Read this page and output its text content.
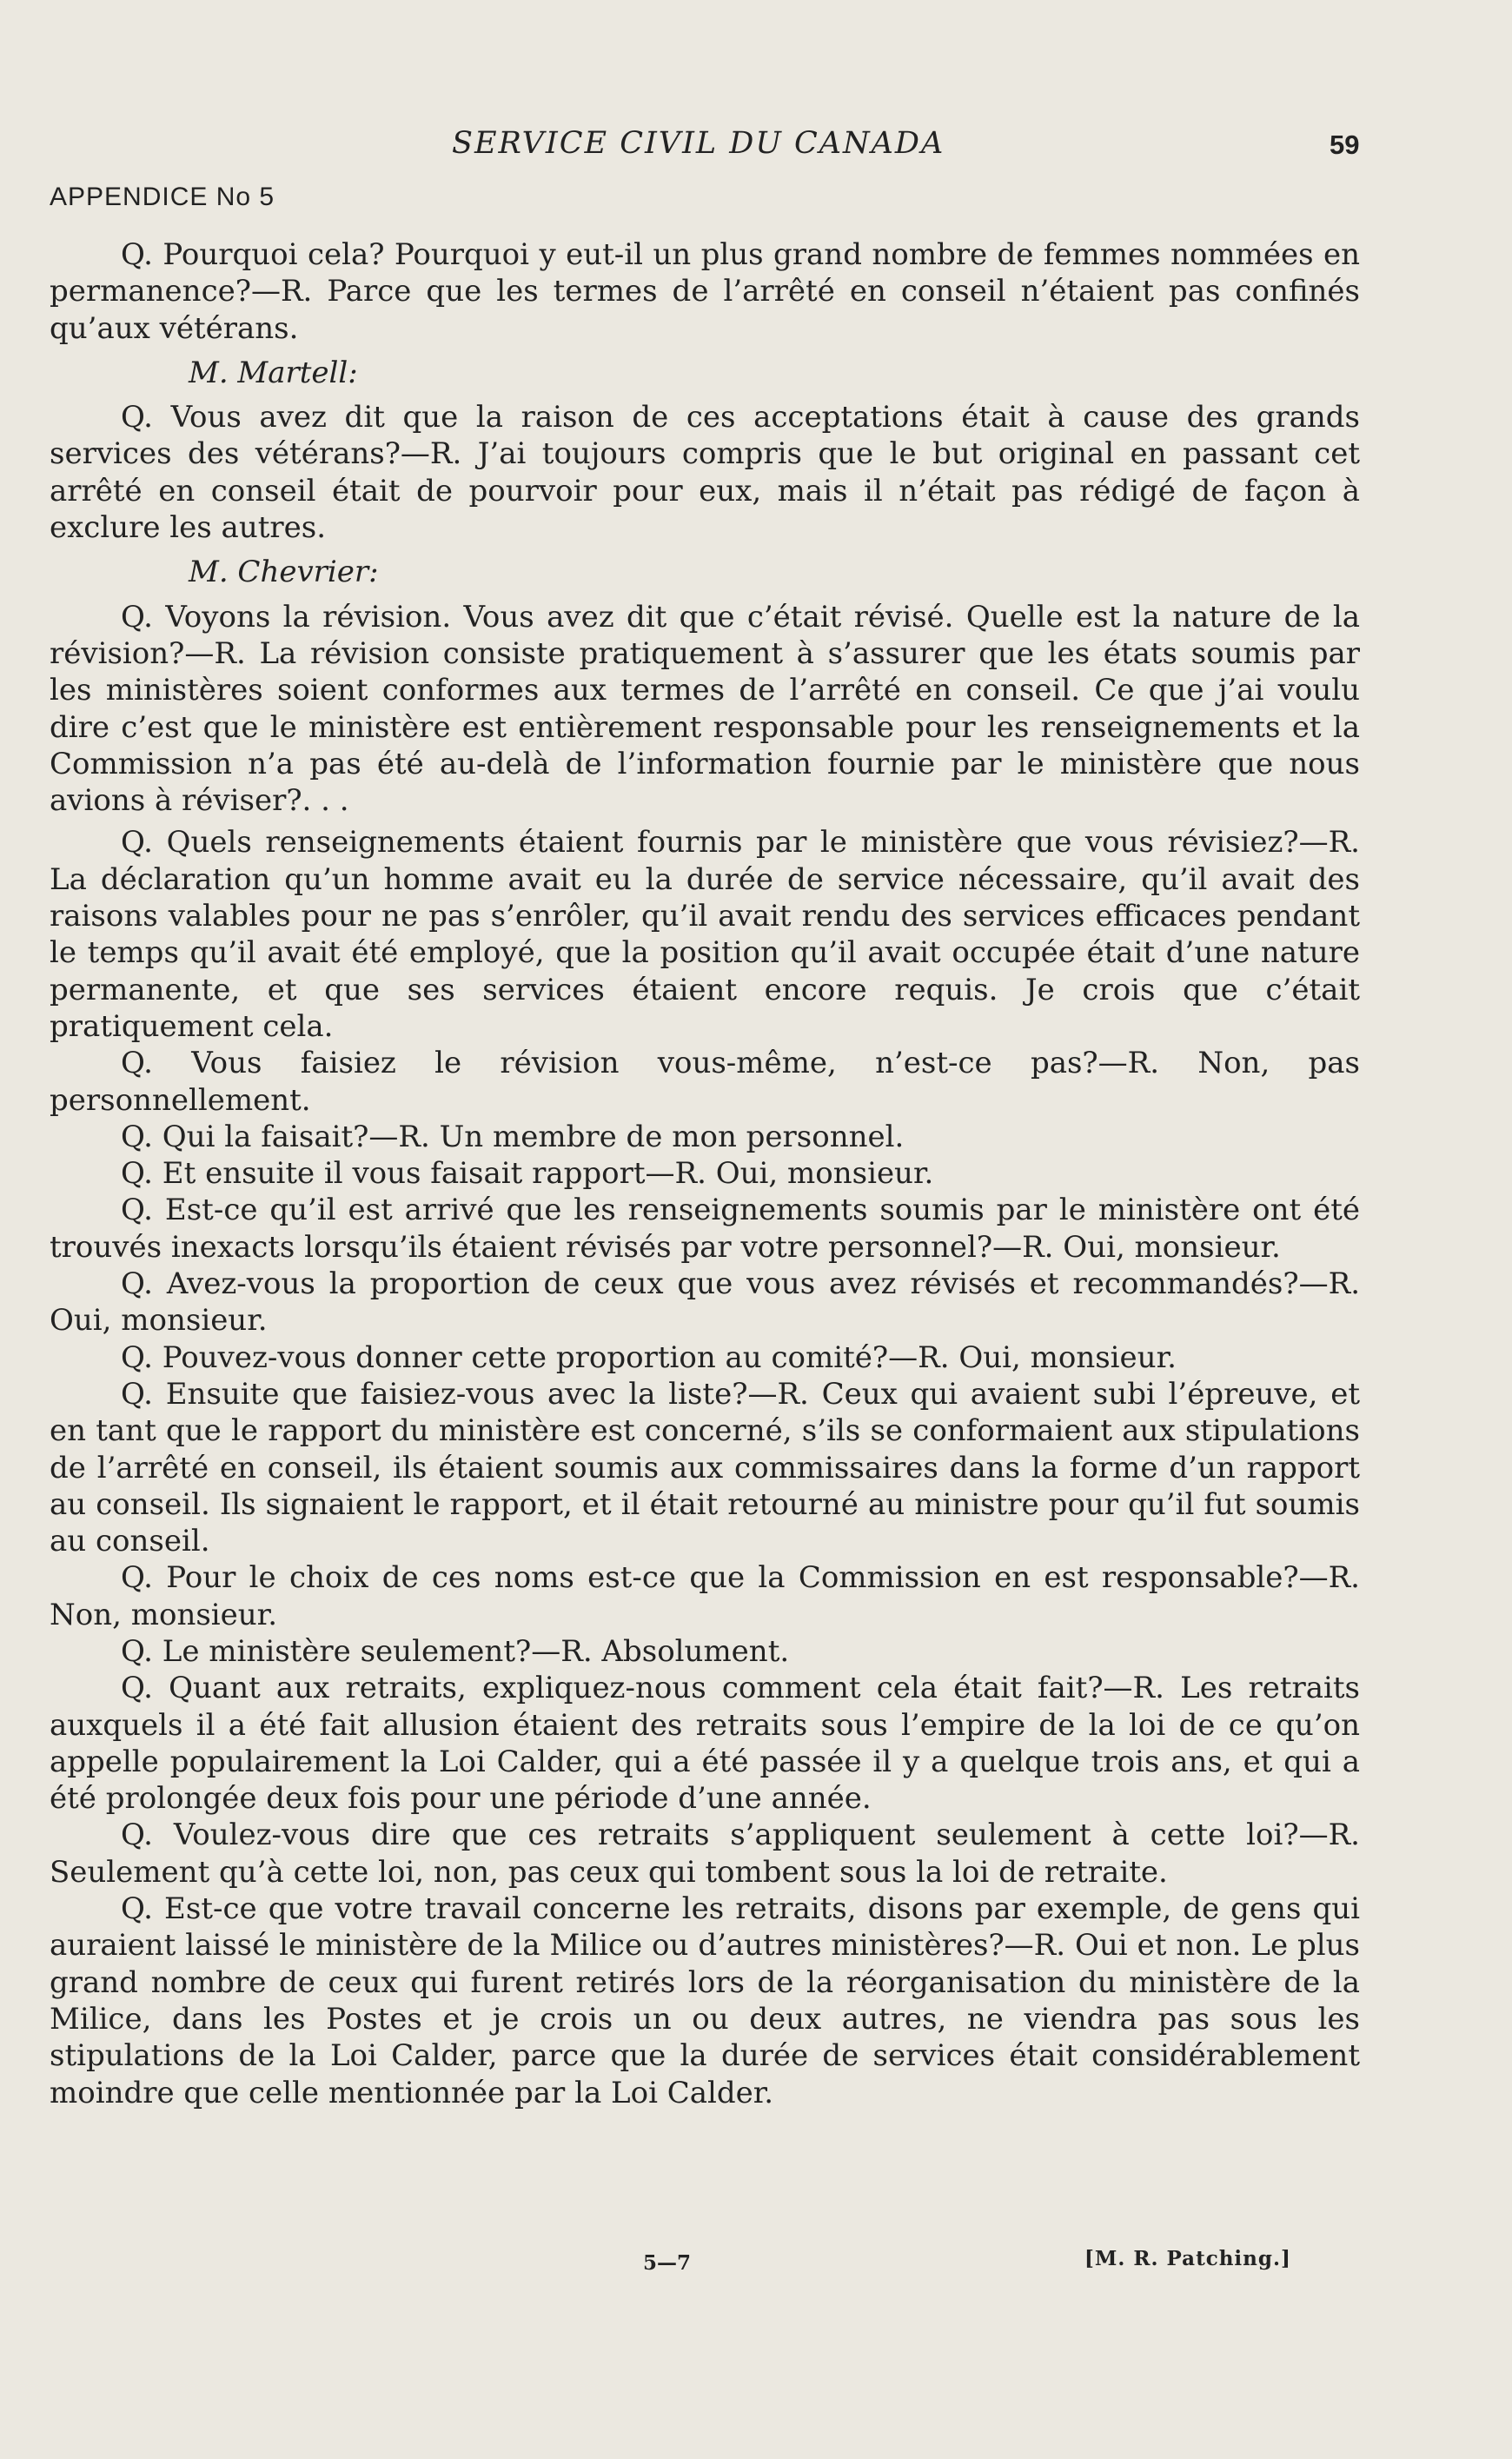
SERVICE CIVIL DU CANADA	59
APPENDICE No 5

Q. Pourquoi cela? Pourquoi y eut-il un plus grand nombre de femmes nommées en permanence?—R. Parce que les termes de l’arrêté en conseil n’étaient pas confinés qu’aux vétérans.

M. Martell:

Q. Vous avez dit que la raison de ces acceptations était à cause des grands services des vétérans?—R. J’ai toujours compris que le but original en passant cet arrêté en conseil était de pourvoir pour eux, mais il n’était pas rédigé de façon à exclure les autres.

M. Chevrier:

Q. Voyons la révision. Vous avez dit que c’était révisé. Quelle est la nature de la révision?—R. La révision consiste pratiquement à s’assurer que les états soumis par les ministères soient conformes aux termes de l’arrêté en conseil. Ce que j’ai voulu dire c’est que le ministère est entièrement responsable pour les renseignements et la Commission n’a pas été au-delà de l’information fournie par le ministère que nous avions à réviser?. . .

Q. Quels renseignements étaient fournis par le ministère que vous révisiez?—R. La déclaration qu’un homme avait eu la durée de service nécessaire, qu’il avait des raisons valables pour ne pas s’enrôler, qu’il avait rendu des services efficaces pendant le temps qu’il avait été employé, que la position qu’il avait occupée était d’une nature permanente, et que ses services étaient encore requis. Je crois que c’était pratiquement cela.

Q. Vous faisiez le révision vous-même, n’est-ce pas?—R. Non, pas personnellement.

Q. Qui la faisait?—R. Un membre de mon personnel.

Q. Et ensuite il vous faisait rapport—R. Oui, monsieur.

Q. Est-ce qu’il est arrivé que les renseignements soumis par le ministère ont été trouvés inexacts lorsqu’ils étaient révisés par votre personnel?—R. Oui, monsieur.

Q. Avez-vous la proportion de ceux que vous avez révisés et recommandés?—R. Oui, monsieur.

Q. Pouvez-vous donner cette proportion au comité?—R. Oui, monsieur.

Q. Ensuite que faisiez-vous avec la liste?—R. Ceux qui avaient subi l’épreuve, et en tant que le rapport du ministère est concerné, s’ils se conformaient aux stipulations de l’arrêté en conseil, ils étaient soumis aux commissaires dans la forme d’un rapport au conseil. Ils signaient le rapport, et il était retourné au ministre pour qu’il fut soumis au conseil.

Q. Pour le choix de ces noms est-ce que la Commission en est responsable?—R. Non, monsieur.

Q. Le ministère seulement?—R. Absolument.

Q. Quant aux retraits, expliquez-nous comment cela était fait?—R. Les retraits auxquels il a été fait allusion étaient des retraits sous l’empire de la loi de ce qu’on appelle populairement la Loi Calder, qui a été passée il y a quelque trois ans, et qui a été prolongée deux fois pour une période d’une année.

Q. Voulez-vous dire que ces retraits s’appliquent seulement à cette loi?—R. Seulement qu’à cette loi, non, pas ceux qui tombent sous la loi de retraite.

Q. Est-ce que votre travail concerne les retraits, disons par exemple, de gens qui auraient laissé le ministère de la Milice ou d’autres ministères?—R. Oui et non. Le plus grand nombre de ceux qui furent retirés lors de la réorganisation du ministère de la Milice, dans les Postes et je crois un ou deux autres, ne viendra pas sous les stipulations de la Loi Calder, parce que la durée de services était considérablement moindre que celle mentionnée par la Loi Calder.

5—7	[M. R. Patching.]
